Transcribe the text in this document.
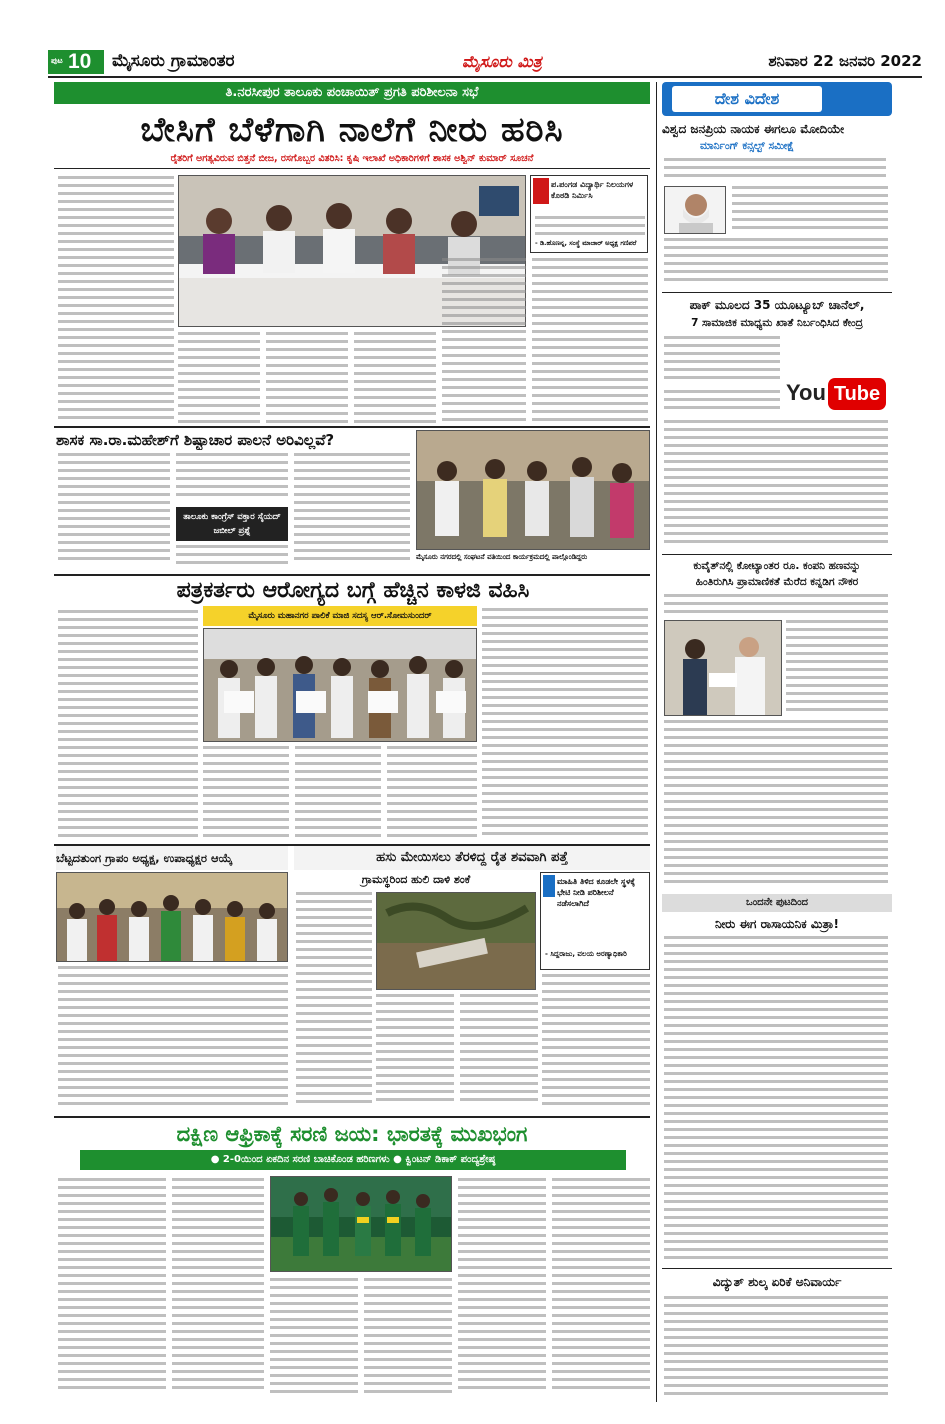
ಪುಟ 10 ಮೈಸೂರು ಗ್ರಾಮಾಂತರ	ಮೈಸೂರು ಮಿತ್ರ	ಶನಿವಾರ 22 ಜನವರಿ 2022
ತಿ.ನರಸೀಪುರ ತಾಲೂಕು ಪಂಚಾಯಿತ್ ಪ್ರಗತಿ ಪರಿಶೀಲನಾ ಸಭೆ
ಬೇಸಿಗೆ ಬೆಳೆಗಾಗಿ ನಾಲೆಗೆ ನೀರು ಹರಿಸಿ
ರೈತರಿಗೆ ಅಗತ್ಯವಿರುವ ಬಿತ್ತನೆ ಬೀಜ, ರಸಗೊಬ್ಬರ ವಿತರಿಸಿ: ಕೃಷಿ ಇಲಾಖೆ ಅಧಿಕಾರಿಗಳಿಗೆ ಶಾಸಕ ಅಶ್ವಿನ್ ಕುಮಾರ್ ಸೂಚನೆ
ಪ.ಪಂಗಡ ವಿದ್ಯಾರ್ಥಿ ನಿಲಯಗಳ ಕೊಠಡಿ ನಿರ್ಮಿಸಿ
- ಡಿ.ಹೊಣನ್ನ, ಸಂಸ್ಥೆ ಮಾಜಾರ್ ಅಧ್ಯಕ್ಷ ಗಣಿಪರೆ
ಶಾಸಕ ಸಾ.ರಾ.ಮಹೇಶ್‌ಗೆ ಶಿಷ್ಟಾಚಾರ ಪಾಲನೆ ಅರಿವಿಲ್ಲವೆ?
ತಾಲೂಕು ಕಾಂಗ್ರೆಸ್ ವಕ್ತಾರ ಸೈಯದ್ ಜಬೀಲ್ ಪ್ರಶ್ನೆ
ಮೈಸೂರು ನಗರದಲ್ಲಿ ಸಂಘಟನೆ ವತಿಯಿಂದ ಕಾರ್ಯಕ್ರಮದಲ್ಲಿ ಪಾಲ್ಗೊಂಡಿದ್ದರು
ಪತ್ರಕರ್ತರು ಆರೋಗ್ಯದ ಬಗ್ಗೆ ಹೆಚ್ಚಿನ ಕಾಳಜಿ ವಹಿಸಿ
ಮೈಸೂರು ಮಹಾನಗರ ಪಾಲಿಕೆ ಮಾಜಿ ಸದಸ್ಯ ಆರ್.ಸೋಮಸುಂದರ್
ಬೆಟ್ಟದತುಂಗ ಗ್ರಾಪಂ ಅಧ್ಯಕ್ಷ, ಉಪಾಧ್ಯಕ್ಷರ ಆಯ್ಕೆ	ಹಸು ಮೇಯಿಸಲು ತೆರಳಿದ್ದ ರೈತ ಶವವಾಗಿ ಪತ್ತೆ
ಗ್ರಾಮಸ್ಥರಿಂದ ಹುಲಿ ದಾಳಿ ಶಂಕೆ	ಮಾಹಿತಿ ತಿಳಿದ ಕೂಡಲೇ ಸ್ಥಳಕ್ಕೆ ಭೇಟಿ ನೀಡಿ ಪರಿಶೀಲನೆ ನಡೆಸಲಾಗಿದೆ
- ಸಿದ್ದರಾಜು, ವಲಯ ಅರಣ್ಯಾಧಿಕಾರಿ
ದಕ್ಷಿಣ ಆಫ್ರಿಕಾಕ್ಕೆ ಸರಣಿ ಜಯ: ಭಾರತಕ್ಕೆ ಮುಖಭಂಗ
● 2-0ಯಿಂದ ಏಕದಿನ ಸರಣಿ ಬಾಚಿಕೊಂಡ ಹರಿಣಗಳು ● ಕ್ವಿಂಟನ್ ಡಿಕಾಕ್ ಪಂದ್ಯಶ್ರೇಷ್ಠ
ದೇಶ ವಿದೇಶ
ವಿಶ್ವದ ಜನಪ್ರಿಯ ನಾಯಕ ಈಗಲೂ ಮೋದಿಯೇ
ಮಾರ್ನಿಂಗ್ ಕನ್ಸಲ್ಟ್ ಸಮೀಕ್ಷೆ
ಪಾಕ್ ಮೂಲದ 35 ಯೂಟ್ಯೂಬ್ ಚಾನೆಲ್,
7 ಸಾಮಾಜಿಕ ಮಾಧ್ಯಮ ಖಾತೆ ನಿರ್ಬಂಧಿಸಿದ ಕೇಂದ್ರ
You Tube
ಕುವೈತ್‌ನಲ್ಲಿ ಕೋಟ್ಯಾಂತರ ರೂ. ಕಂಪನಿ ಹಣವನ್ನು
ಹಿಂತಿರುಗಿಸಿ ಪ್ರಾಮಾಣಿಕತೆ ಮೆರೆದ ಕನ್ನಡಿಗ ನೌಕರ
ಒಂದನೇ ಪುಟದಿಂದ
ನೀರು ಈಗ ರಾಸಾಯನಿಕ ಮಿತ್ರಾ!
ವಿದ್ಯುತ್ ಶುಲ್ಕ ಏರಿಕೆ ಅನಿವಾರ್ಯ
